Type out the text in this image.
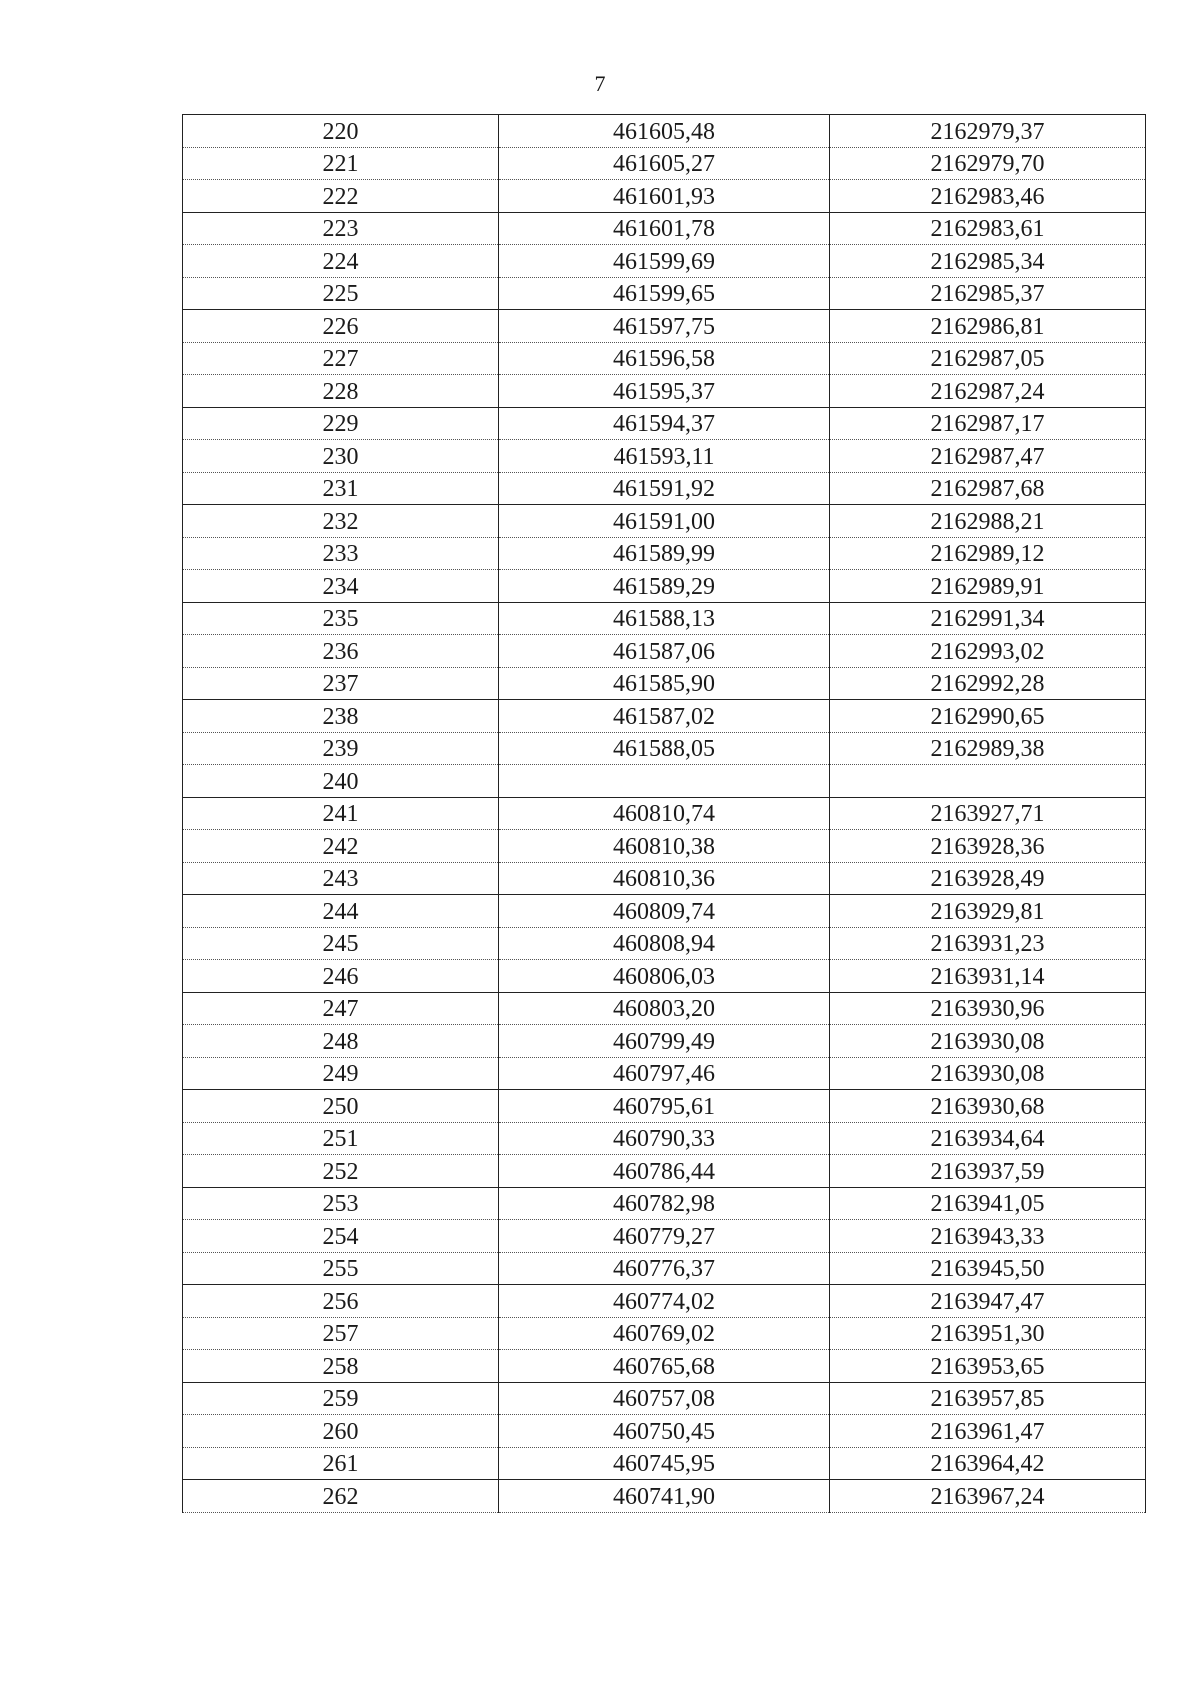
7
220	461605,48	2162979,37
221	461605,27	2162979,70
222	461601,93	2162983,46
223	461601,78	2162983,61
224	461599,69	2162985,34
225	461599,65	2162985,37
226	461597,75	2162986,81
227	461596,58	2162987,05
228	461595,37	2162987,24
229	461594,37	2162987,17
230	461593,11	2162987,47
231	461591,92	2162987,68
232	461591,00	2162988,21
233	461589,99	2162989,12
234	461589,29	2162989,91
235	461588,13	2162991,34
236	461587,06	2162993,02
237	461585,90	2162992,28
238	461587,02	2162990,65
239	461588,05	2162989,38
240		
241	460810,74	2163927,71
242	460810,38	2163928,36
243	460810,36	2163928,49
244	460809,74	2163929,81
245	460808,94	2163931,23
246	460806,03	2163931,14
247	460803,20	2163930,96
248	460799,49	2163930,08
249	460797,46	2163930,08
250	460795,61	2163930,68
251	460790,33	2163934,64
252	460786,44	2163937,59
253	460782,98	2163941,05
254	460779,27	2163943,33
255	460776,37	2163945,50
256	460774,02	2163947,47
257	460769,02	2163951,30
258	460765,68	2163953,65
259	460757,08	2163957,85
260	460750,45	2163961,47
261	460745,95	2163964,42
262	460741,90	2163967,24
